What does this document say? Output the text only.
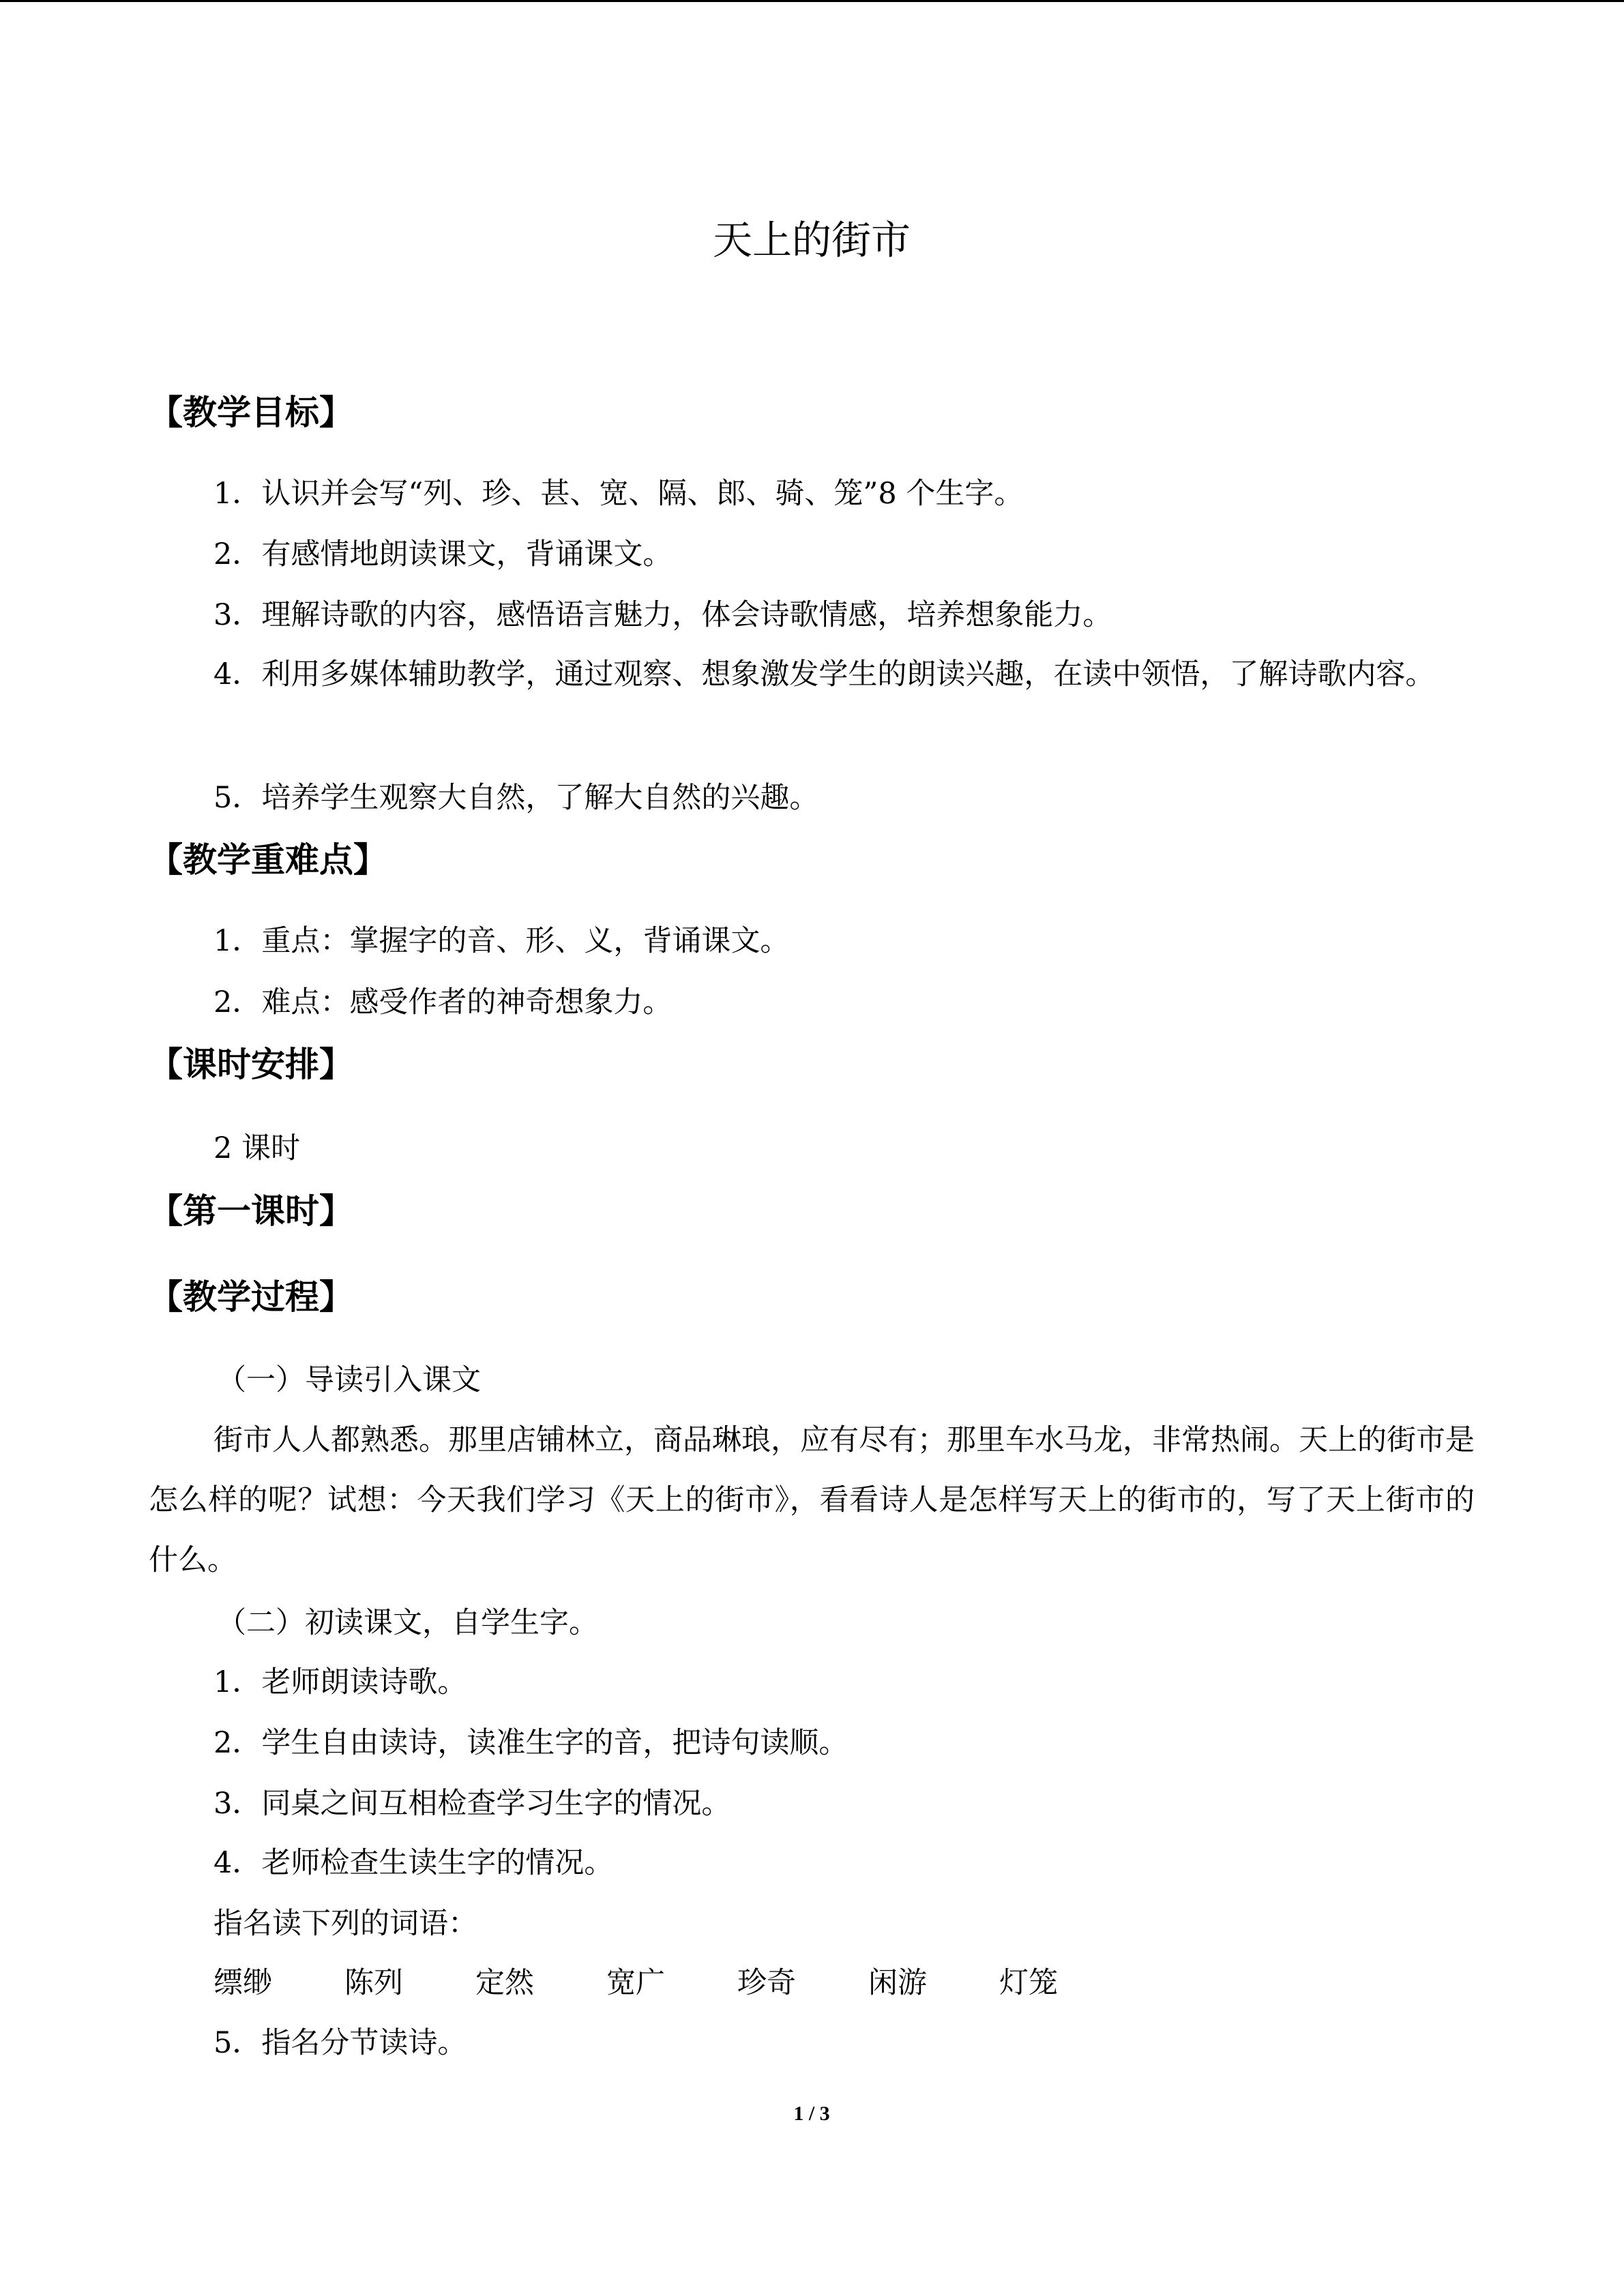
天上的街市
【教学目标】
1．认识并会写“列、珍、甚、宽、隔、郎、骑、笼”8 个生字。
2．有感情地朗读课文，背诵课文。
3．理解诗歌的内容，感悟语言魅力，体会诗歌情感，培养想象能力。
4．利用多媒体辅助教学，通过观察、想象激发学生的朗读兴趣，在读中领悟，了解诗歌内容。
5．培养学生观察大自然，了解大自然的兴趣。
【教学重难点】
1．重点：掌握字的音、形、义，背诵课文。
2．难点：感受作者的神奇想象力。
【课时安排】
2 课时
【第一课时】
【教学过程】
（一）导读引入课文
街市人人都熟悉。那里店铺林立，商品琳琅，应有尽有；那里车水马龙，非常热闹。天上的街市是怎么样的呢？试想：今天我们学习《天上的街市》，看看诗人是怎样写天上的街市的，写了天上街市的什么。
（二）初读课文，自学生字。
1．老师朗读诗歌。
2．学生自由读诗，读准生字的音，把诗句读顺。
3．同桌之间互相检查学习生字的情况。
4．老师检查生读生字的情况。
指名读下列的词语：
缥缈	陈列	定然	宽广	珍奇	闲游	灯笼
5．指名分节读诗。
1 / 3
